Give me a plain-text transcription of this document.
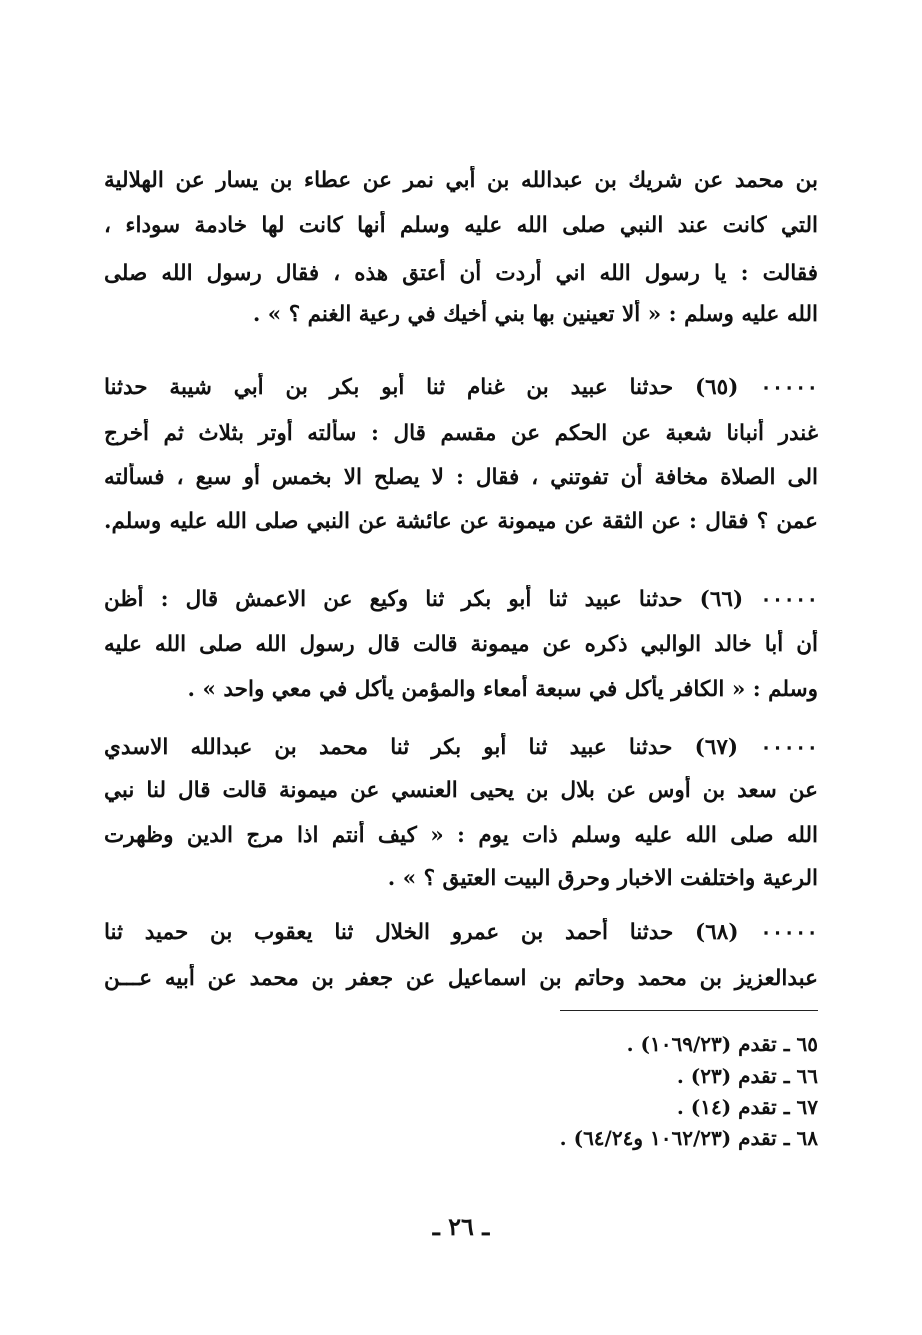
بن محمد عن شريك بن عبدالله بن أبي نمر عن عطاء بن يسار عن الهلالية
التي كانت عند النبي صلى الله عليه وسلم أنها كانت لها خادمة سوداء ،
فقالت : يا رسول الله اني أردت أن أعتق هذه ، فقال رسول الله صلى
الله عليه وسلم : « ألا تعينين بها بني أخيك في رعية الغنم ؟ » .
٠٠٠٠٠ (٦٥) حدثنا عبيد بن غنام ثنا أبو بكر بن أبي شيبة حدثنا
غندر أنبانا شعبة عن الحكم عن مقسم قال : سألته أوتر بثلاث ثم أخرج
الى الصلاة مخافة أن تفوتني ، فقال : لا يصلح الا بخمس أو سبع ، فسألته
عمن ؟ فقال : عن الثقة عن ميمونة عن عائشة عن النبي صلى الله عليه وسلم.
٠٠٠٠٠ (٦٦) حدثنا عبيد ثنا أبو بكر ثنا وكيع عن الاعمش قال : أظن
أن أبا خالد الوالبي ذكره عن ميمونة قالت قال رسول الله صلى الله عليه
وسلم : « الكافر يأكل في سبعة أمعاء والمؤمن يأكل في معي واحد » .
٠٠٠٠٠ (٦٧) حدثنا عبيد ثنا أبو بكر ثنا محمد بن عبدالله الاسدي
عن سعد بن أوس عن بلال بن يحيى العنسي عن ميمونة قالت قال لنا نبي
الله صلى الله عليه وسلم ذات يوم : « كيف أنتم اذا مرج الدين وظهرت
الرعية واختلفت الاخبار وحرق البيت العتيق ؟ » .
٠٠٠٠٠ (٦٨) حدثنا أحمد بن عمرو الخلال ثنا يعقوب بن حميد ثنا
عبدالعزيز بن محمد وحاتم بن اسماعيل عن جعفر بن محمد عن أبيه عـــن
٦٥ ـ تقدم (١٠٦٩/٢٣) .
٦٦ ـ تقدم (٢٣) .
٦٧ ـ تقدم (١٤) .
٦٨ ـ تقدم (١٠٦٢/٢٣ و٦٤/٢٤) .
ـ ٢٦ ـ
